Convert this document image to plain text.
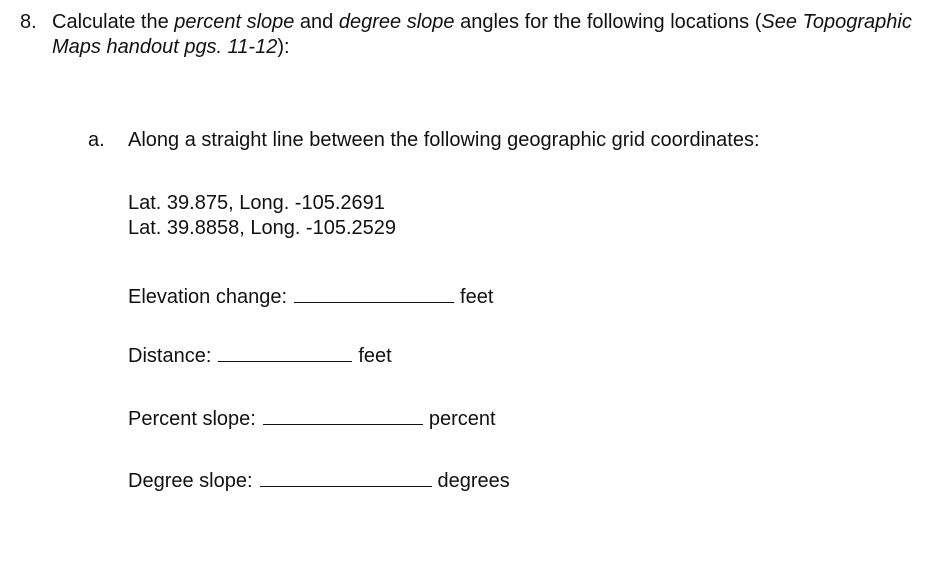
8. Calculate the percent slope and degree slope angles for the following locations (See Topographic Maps handout pgs. 11-12):
a. Along a straight line between the following geographic grid coordinates:
Lat. 39.875, Long. -105.2691
Lat. 39.8858, Long. -105.2529
Elevation change:	feet
Distance:	feet
Percent slope:	percent
Degree slope:	degrees
